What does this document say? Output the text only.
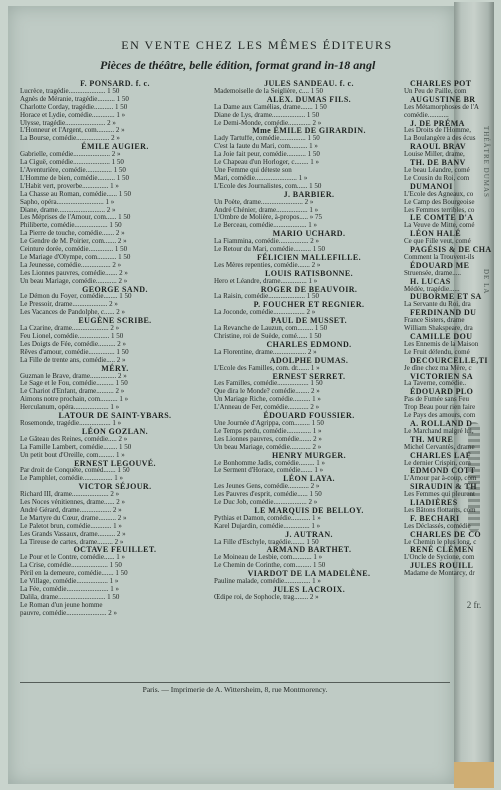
THÉÂTRE DUMAS
DE LA
2 fr.
EN VENTE CHEZ LES MÊMES ÉDITEURS
Pièces de théâtre, belle édition, format grand in-18 angl
F. PONSARD. f. c.
Lucrèce, tragédie..................... 1 50
Agnès de Méranie, tragédie.......... 1 50
Charlotte Corday, tragédie........... 1 50
Horace et Lydie, comédie............. 1 »
Ulysse, tragédie....................... 2 »
L'Honneur et l'Argent, com.......... 2 »
La Bourse, comédie................... 2 »
ÉMILE AUGIER.
Gabrielle, comédie..................... 2 »
La Ciguë, comédie..................... 1 50
L'Aventurière, comédie............... 1 50
L'Homme de bien, comédie.......... 1 50
L'Habit vert, proverbe............... 1 »
La Chasse au Roman, comédie...... 1 50
Sapho, opéra........................... 1 »
Diane, drame........................... 2 »
Les Méprises de l'Amour, com...... 1 50
Philiberte, comédie................... 1 50
La Pierre de touche, comédie....... 2 »
Le Gendre de M. Poirier, com....... 2 »
Ceinture dorée, comédie.............. 1 50
Le Mariage d'Olympe, com........... 1 50
La Jeunesse, comédie................. 2 »
Les Lionnes pauvres, comédie....... 2 »
Un beau Mariage, comédie............ 2 »
GEORGE SAND.
Le Démon du Foyer, comédie........ 1 50
Le Pressoir, drame.................... 2 »
Les Vacances de Pandolphe, c...... 2 »
EUGÈNE SCRIBE.
La Czarine, drame..................... 2 »
Feu Lionel, comédie.................. 1 50
Les Doigts de Fée, comédie.......... 2 »
Rêves d'amour, comédie............... 1 50
La Fille de trente ans, comédie..... 2 »
MÉRY.
Guzman le Brave, drame............... 2 »
Le Sage et le Fou, comédie.......... 1 50
Le Chariot d'Enfant, drame.......... 2 »
Aimons notre prochain, com.......... 1 »
Herculanum, opéra.................... 1 »
LATOUR DE SAINT-YBARS.
Rosemonde, tragédie.................. 1 »
LÉON GOZLAN.
Le Gâteau des Reines, comédie..... 2 »
La Famille Lambert, comédie........ 1 50
Un petit bout d'Oreille, com......... 1 »
ERNEST LEGOUVÉ.
Par droit de Conquête, coméd....... 1 50
Le Pamphlet, comédie................. 1 »
VICTOR SÉJOUR.
Richard III, drame..................... 2 »
Les Noces vénitiennes, drame...... 2 »
André Gérard, drame.................. 2 »
Le Martyre du Cœur, drame.......... 2 »
Le Paletot brun, comédie............ 1 »
Les Grands Vassaux, drame.......... 2 »
La Tireuse de cartes, drame......... 2 »
OCTAVE FEUILLET.
Le Pour et le Contre, comédie...... 1 »
La Crise, comédie..................... 1 50
Péril en la demeure, comédie....... 1 50
Le Village, comédie.................. 1 »
La Fée, comédie........................ 1 »
Dalila, drame........................... 1 50
Le Roman d'un jeune homme
pauvre, comédie....................... 2 »
JULES SANDEAU. f. c.
Mademoiselle de la Seiglière, c.... 1 50
ALEX. DUMAS FILS.
La Dame aux Camélias, drame....... 1 50
Diane de Lys, drame................... 1 50
Le Demi-Monde, comédie............. 2 »
Mme ÉMILE DE GIRARDIN.
Lady Tartuffe, comédie............... 1 50
C'est la faute du Mari, com.......... 1 »
La Joie fait peur, comédie........... 1 50
Le Chapeau d'un Horloger, c........ 1 »
Une Femme qui déteste son
Mari, comédie........................ 1 »
L'École des Journalistes, com...... 1 50
J. BARBIER.
Un Poète, drame........................ 2 »
André Chénier, drame.................. 1 »
L'Ombre de Molière, à-propos..... » 75
Le Berceau, comédie................... 1 »
MARIO UCHARD.
La Fiammina, comédie................. 2 »
Le Retour du Mari, comédie.......... 1 50
FÉLICIEN MALLEFILLE.
Les Mères repenties, comédie....... 2 »
LOUIS RATISBONNE.
Hero et Léandre, drame............... 1 »
ROGER DE BEAUVOIR.
La Raisin, comédie..................... 1 50
P. FOUCHER ET REGNIER.
La Joconde, comédie.................. 2 »
PAUL DE MUSSET.
La Revanche de Lauzun, com......... 1 50
Christine, roi de Suède, comé...... 1 50
CHARLES EDMOND.
La Florentine, drame................... 2 »
ADOLPHE DUMAS.
L'École des Familles, com. dr....... 1 »
ERNEST SERRET.
Les Familles, comédie.................. 1 50
Que dira le Monde? comédie........ 2 »
Un Mariage Riche, comédie.......... 1 »
L'Anneau de Fer, comédie............ 2 »
ÉDOUARD FOUSSIER.
Une Journée d'Agrippa, com......... 1 50
Le Temps perdu, comédie.............. 1 »
Les Lionnes pauvres, comédie....... 2 »
Un beau Mariage, comédie............ 2 »
HENRY MURGER.
Le Bonhomme Jadis, comédie......... 1 »
Le Serment d'Horace, comédie....... 1 »
LÉON LAYA.
Les Jeunes Gens, comédie............ 2 »
Les Pauvres d'esprit, comédie...... 1 50
Le Duc Job, comédie................... 2 »
LE MARQUIS DE BELLOY.
Pythias et Damon, comédie........... 1 »
Karel Dujardin, comédie............... 1 »
J. AUTRAN.
La Fille d'Eschyle, tragédie........ 1 50
ARMAND BARTHET.
Le Moineau de Lesbie, com........... 1 »
Le Chemin de Corinthe, com......... 1 50
VIARDOT DE LA MADELÈNE.
Pauline malade, comédie............... 1 »
JULES LACROIX.
Œdipe roi, de Sophocle, trag........ 2 »
CHARLES POT
Un Peu de Paille, com
AUGUSTINE BR
Les Métamorphoses de l'A
comédie............
J. DE PRÉMA
Les Droits de l'Homme,
La Boulangère a des écus
RAOUL BRAV
Louise Miller, drame,
TH. DE BANV
Le beau Léandre, comé
Le Cousin du Roi, com
DUMANOI
L'École des Agneaux, co
Le Camp des Bourgeoise
Les Femmes terribles, co
LE COMTE D'A
La Veuve de Mitte, comé
LÉON HALÉ
Ce que Fille veut, comé
PAGÉSIS & DE CHA
Comment la Trouvent-ils
ÉDOUARD ME
Struensée, drame.....
H. LUCAS
Médée, tragédie......
DUBORME ET SA
La Servante du Roi, dra
FERDINAND DU
France Sisters, drame
William Shakspeare, dra
CAMILLE DOU
Les Ennemis de la Maison
Le Fruit défendu, comé
DECOURCELLE,TI
Je dîne chez ma Mère, c
VICTORIEN SA
La Taverne, comédie..
ÉDOUARD PLO
Pas de Fumée sans Feu
Trop Beau pour rien faire
Le Pays des amours, com
A. ROLLAND D
Le Marchand malgré lui,
TH. MURE
Michel Cervantès, drame
CHARLES LAF
Le dernier Crispin, com
EDMOND COTT
L'Amour par à-coup, com
SIRAUDIN & TH
Les Femmes qui pleurent
LIADIÈRES
Les Bâtons flottants, com
F. BECHARI
Les Déclassés, comédie
CHARLES DE CO
Le Chemin le plus long, c
RENÉ CLÉMEN
L'Oncle de Sycione, com
JULES ROUILL
Madame de Montarcy, dr
Paris. — Imprimerie de A. Wittersheim, 8, rue Montmorency.
